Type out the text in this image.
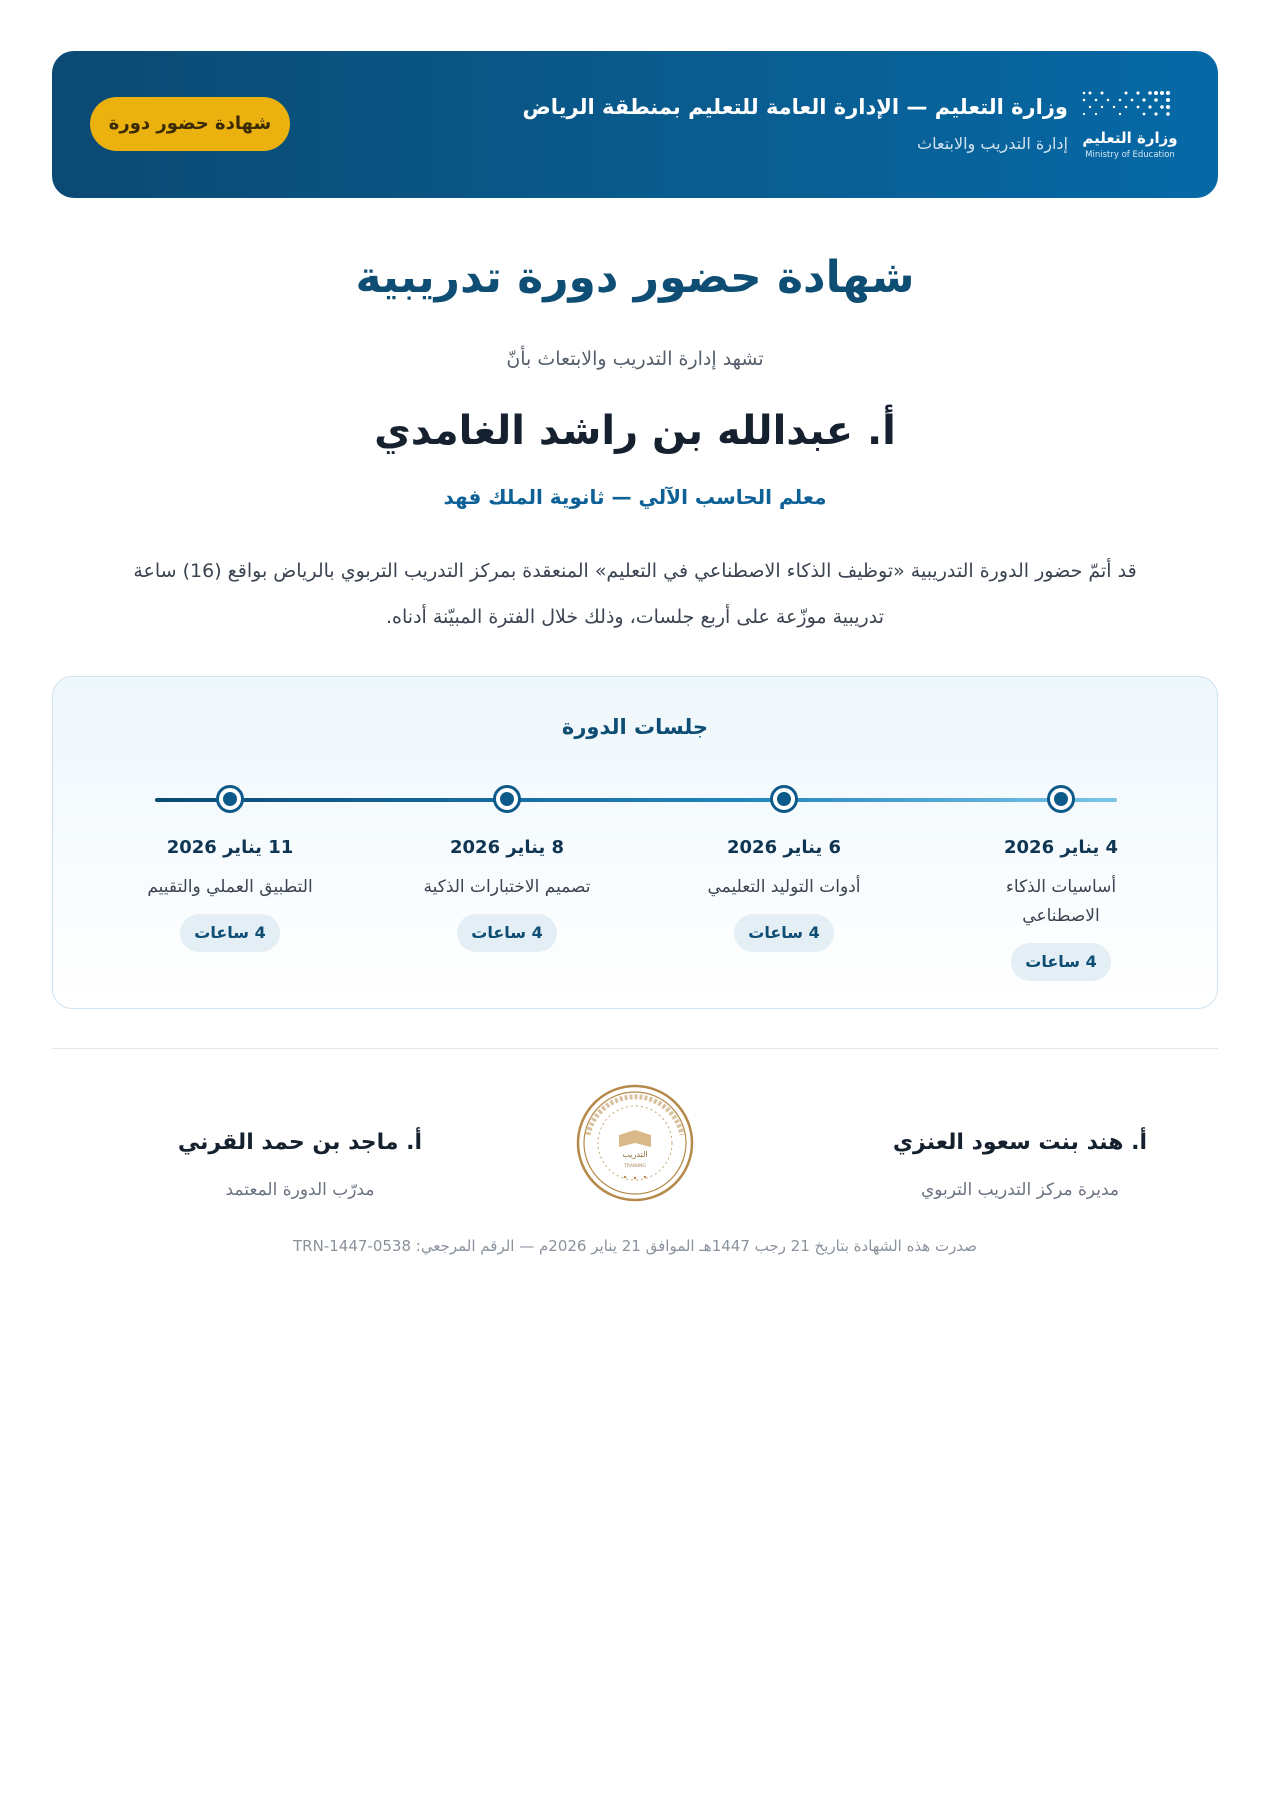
وزارة التعليم
Ministry of Education
وزارة التعليم — الإدارة العامة للتعليم بمنطقة الرياض
إدارة التدريب والابتعاث
شهادة حضور دورة
شهادة حضور دورة تدريبية
تشهد إدارة التدريب والابتعاث بأنّ
أ. عبدالله بن راشد الغامدي
معلم الحاسب الآلي — ثانوية الملك فهد
قد أتمّ حضور الدورة التدريبية «توظيف الذكاء الاصطناعي في التعليم» المنعقدة بمركز التدريب التربوي بالرياض بواقع (16) ساعة تدريبية موزّعة على أربع جلسات، وذلك خلال الفترة المبيّنة أدناه.
جلسات الدورة
4 يناير 2026
أساسيات الذكاء الاصطناعي
4 ساعات
6 يناير 2026
أدوات التوليد التعليمي
4 ساعات
8 يناير 2026
تصميم الاختبارات الذكية
4 ساعات
11 يناير 2026
التطبيق العملي والتقييم
4 ساعات
أ. هند بنت سعود العنزي
مديرة مركز التدريب التربوي
التدريب
TRAINING
أ. ماجد بن حمد القرني
مدرّب الدورة المعتمد
صدرت هذه الشهادة بتاريخ 21 رجب 1447هـ الموافق 21 يناير 2026م — الرقم المرجعي: TRN-1447-0538
